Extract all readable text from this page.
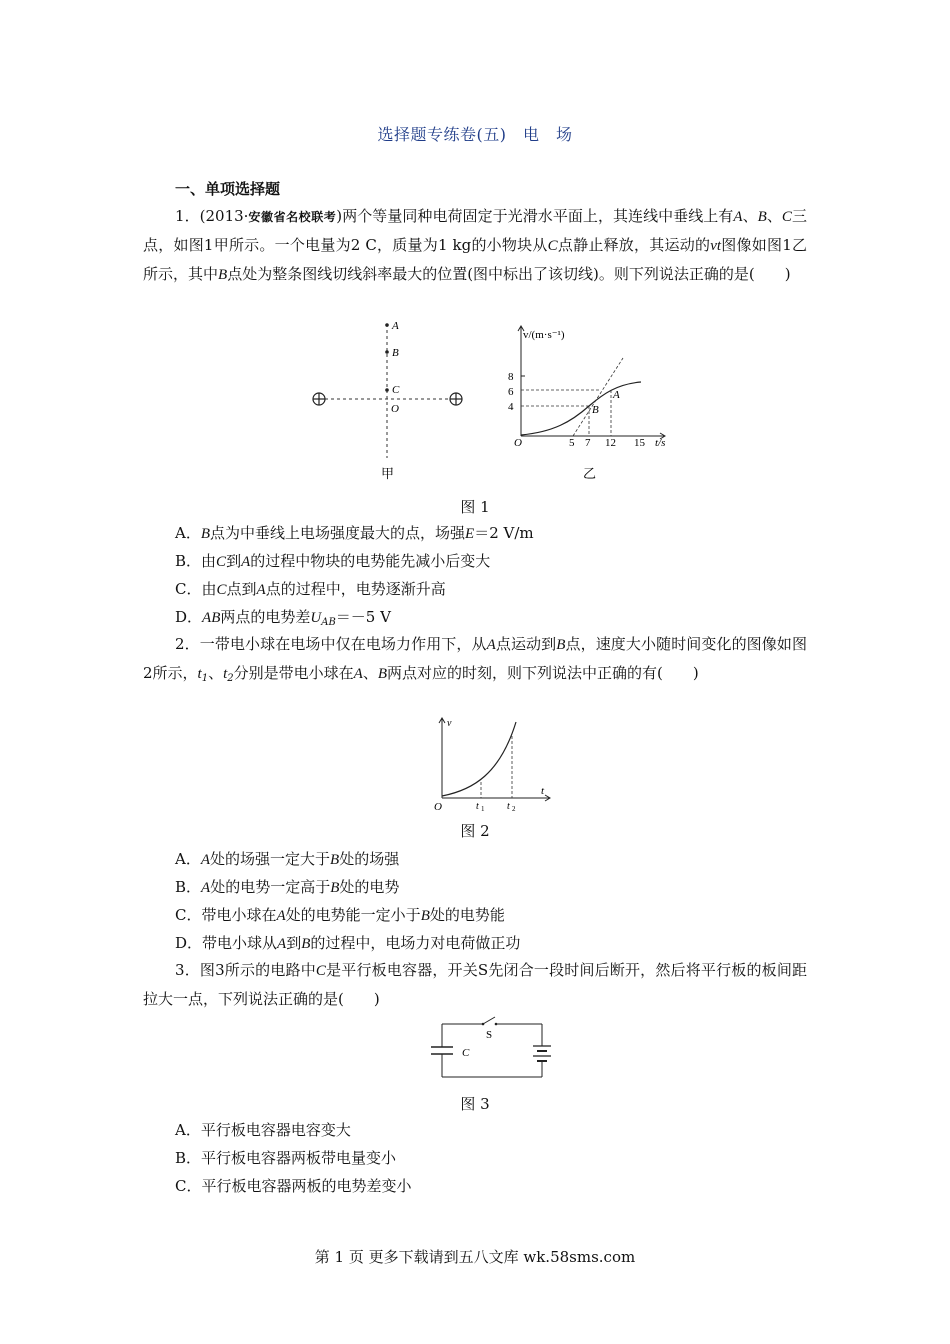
选择题专练卷(五)　电　场
一、单项选择题

1．(2013·安徽省名校联考)两个等量同种电荷固定于光滑水平面上，其连线中垂线上有A、B、C三点，如图1甲所示。一个电量为2 C，质量为1 kg的小物块从C点静止释放，其运动的vt图像如图1乙所示，其中B点处为整条图线切线斜率最大的位置(图中标出了该切线)。则下列说法正确的是(　　)

A
B
C
O
甲
v/(m·s⁻¹)
8
6
4
O	5 7 12 15 t/s
A
B
乙
图 1

A．B点为中垂线上电场强度最大的点，场强E＝2 V/m

B．由C到A的过程中物块的电势能先减小后变大

C．由C点到A点的过程中，电势逐渐升高

D．AB两点的电势差$U_{AB}=-5$ V

2．一带电小球在电场中仅在电场力作用下，从A点运动到B点，速度大小随时间变化的图像如图2所示，$t_1$、$t_2$分别是带电小球在A、B两点对应的时刻，则下列说法中正确的有(　　)

v
t
O	t 1 t 2
图 2

A．A处的场强一定大于B处的场强

B．A处的电势一定高于B处的电势

C．带电小球在A处的电势能一定小于B处的电势能

D．带电小球从A到B的过程中，电场力对电荷做正功

3．图3所示的电路中C是平行板电容器，开关S先闭合一段时间后断开，然后将平行板的板间距拉大一点，下列说法正确的是(　　)

S
C
图 3

A．平行板电容器电容变大

B．平行板电容器两板带电量变小

C．平行板电容器两板的电势差变小

第 1 页 更多下载请到五八文库 wk.58sms.com
